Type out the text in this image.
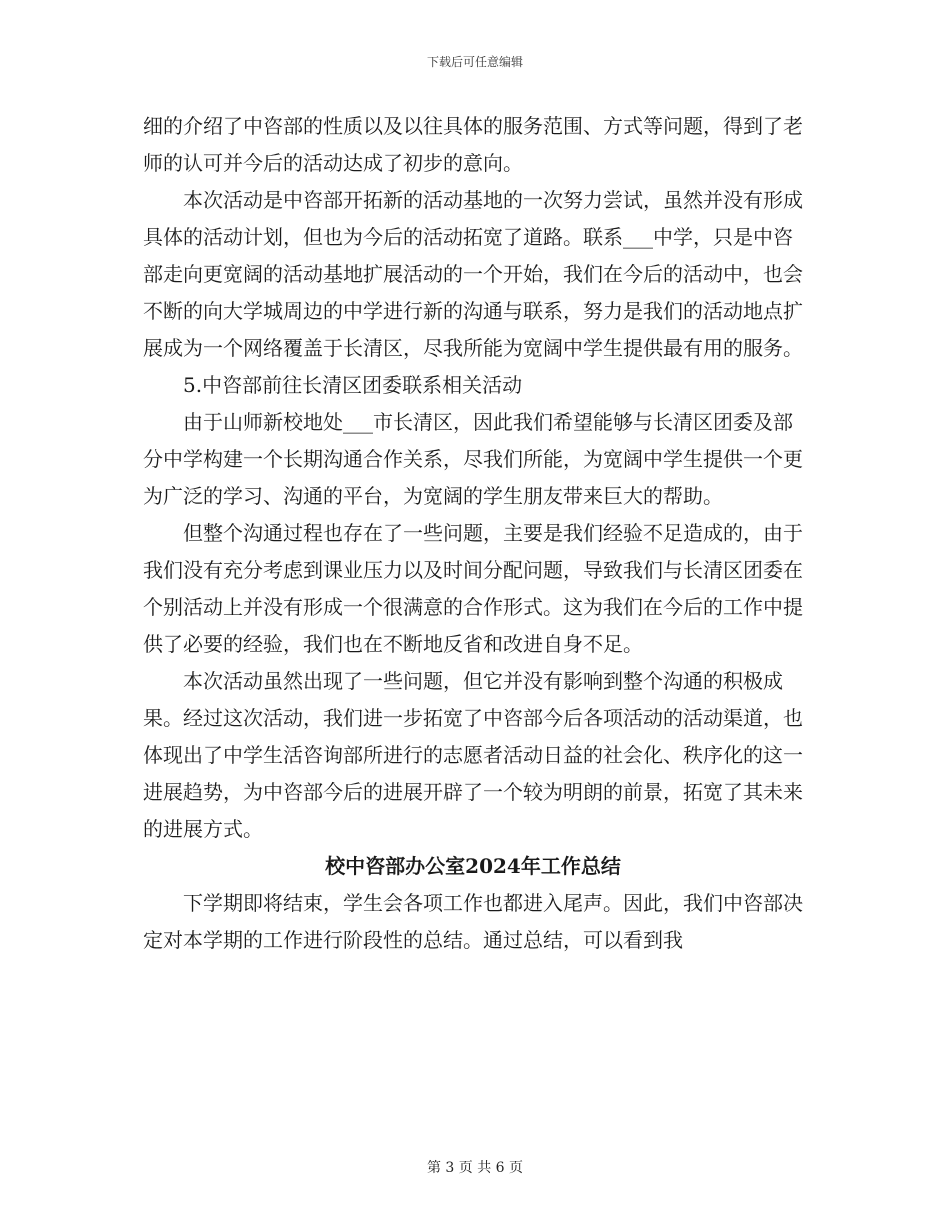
下载后可任意编辑

细的介绍了中咨部的性质以及以往具体的服务范围、方式等问题，得到了老师的认可并今后的活动达成了初步的意向。

本次活动是中咨部开拓新的活动基地的一次努力尝试，虽然并没有形成具体的活动计划，但也为今后的活动拓宽了道路。联系___中学，只是中咨部走向更宽阔的活动基地扩展活动的一个开始，我们在今后的活动中，也会不断的向大学城周边的中学进行新的沟通与联系，努力是我们的活动地点扩展成为一个网络覆盖于长清区，尽我所能为宽阔中学生提供最有用的服务。

5.中咨部前往长清区团委联系相关活动

由于山师新校地处___市长清区，因此我们希望能够与长清区团委及部分中学构建一个长期沟通合作关系，尽我们所能，为宽阔中学生提供一个更为广泛的学习、沟通的平台，为宽阔的学生朋友带来巨大的帮助。

但整个沟通过程也存在了一些问题，主要是我们经验不足造成的，由于我们没有充分考虑到课业压力以及时间分配问题，导致我们与长清区团委在个别活动上并没有形成一个很满意的合作形式。这为我们在今后的工作中提供了必要的经验，我们也在不断地反省和改进自身不足。

本次活动虽然出现了一些问题，但它并没有影响到整个沟通的积极成果。经过这次活动，我们进一步拓宽了中咨部今后各项活动的活动渠道，也体现出了中学生活咨询部所进行的志愿者活动日益的社会化、秩序化的这一进展趋势，为中咨部今后的进展开辟了一个较为明朗的前景，拓宽了其未来的进展方式。

校中咨部办公室2024年工作总结

下学期即将结束，学生会各项工作也都进入尾声。因此，我们中咨部决定对本学期的工作进行阶段性的总结。通过总结，可以看到我

第 3 页 共 6 页
